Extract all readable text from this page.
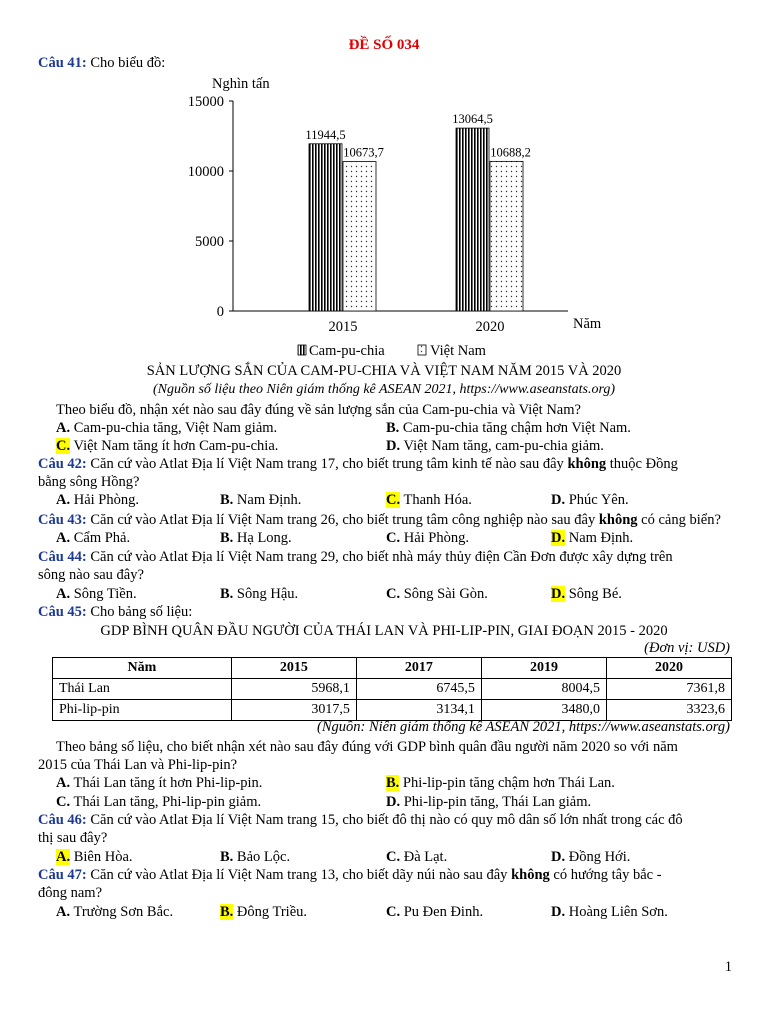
ĐỀ SỐ 034
Câu 41: Cho biểu đồ:
Nghìn tấn
Năm
0
5000
10000
15000
11944,5
10673,7
2015
13064,5
10688,2
2020
Cam-pu-chia	Việt Nam
SẢN LƯỢNG SẮN CỦA CAM-PU-CHIA VÀ VIỆT NAM NĂM 2015 VÀ 2020
(Nguồn số liệu theo Niên giám thống kê ASEAN 2021, https://www.aseanstats.org)
Theo biểu đồ, nhận xét nào sau đây đúng về sản lượng sắn của Cam-pu-chia và Việt Nam?
A. Cam-pu-chia tăng, Việt Nam giảm.	B. Cam-pu-chia tăng chậm hơn Việt Nam.
C. Việt Nam tăng ít hơn Cam-pu-chia.	D. Việt Nam tăng, cam-pu-chia giảm.
Câu 42: Căn cứ vào Atlat Địa lí Việt Nam trang 17, cho biết trung tâm kinh tế nào sau đây không thuộc Đồng
bằng sông Hồng?
A. Hải Phòng.	B. Nam Định.	C. Thanh Hóa.	D. Phúc Yên.
Câu 43: Căn cứ vào Atlat Địa lí Việt Nam trang 26, cho biết trung tâm công nghiệp nào sau đây không có cảng biển?
A. Cẩm Phả.	B. Hạ Long.	C. Hải Phòng.	D. Nam Định.
Câu 44: Căn cứ vào Atlat Địa lí Việt Nam trang 29, cho biết nhà máy thủy điện Cần Đơn được xây dựng trên
sông nào sau đây?
A. Sông Tiền.	B. Sông Hậu.	C. Sông Sài Gòn.	D. Sông Bé.
Câu 45: Cho bảng số liệu:
GDP BÌNH QUÂN ĐẦU NGƯỜI CỦA THÁI LAN VÀ PHI-LIP-PIN, GIAI ĐOẠN 2015 - 2020
(Đơn vị: USD)
Năm	2015	2017	2019	2020
Thái Lan	5968,1	6745,5	8004,5	7361,8
Phi-lip-pin	3017,5	3134,1	3480,0	3323,6
(Nguồn: Niên giám thống kê ASEAN 2021, https://www.aseanstats.org)
Theo bảng số liệu, cho biết nhận xét nào sau đây đúng với GDP bình quân đầu người năm 2020 so với năm
2015 của Thái Lan và Phi-lip-pin?
A. Thái Lan tăng ít hơn Phi-lip-pin.	B. Phi-lip-pin tăng chậm hơn Thái Lan.
C. Thái Lan tăng, Phi-lip-pin giảm.	D. Phi-lip-pin tăng, Thái Lan giảm.
Câu 46: Căn cứ vào Atlat Địa lí Việt Nam trang 15, cho biết đô thị nào có quy mô dân số lớn nhất trong các đô
thị sau đây?
A. Biên Hòa.	B. Bảo Lộc.	C. Đà Lạt.	D. Đồng Hới.
Câu 47: Căn cứ vào Atlat Địa lí Việt Nam trang 13, cho biết dãy núi nào sau đây không có hướng tây bắc -
đông nam?
A. Trường Sơn Bắc.	B. Đông Triều.	C. Pu Đen Đinh.	D. Hoàng Liên Sơn.
1
